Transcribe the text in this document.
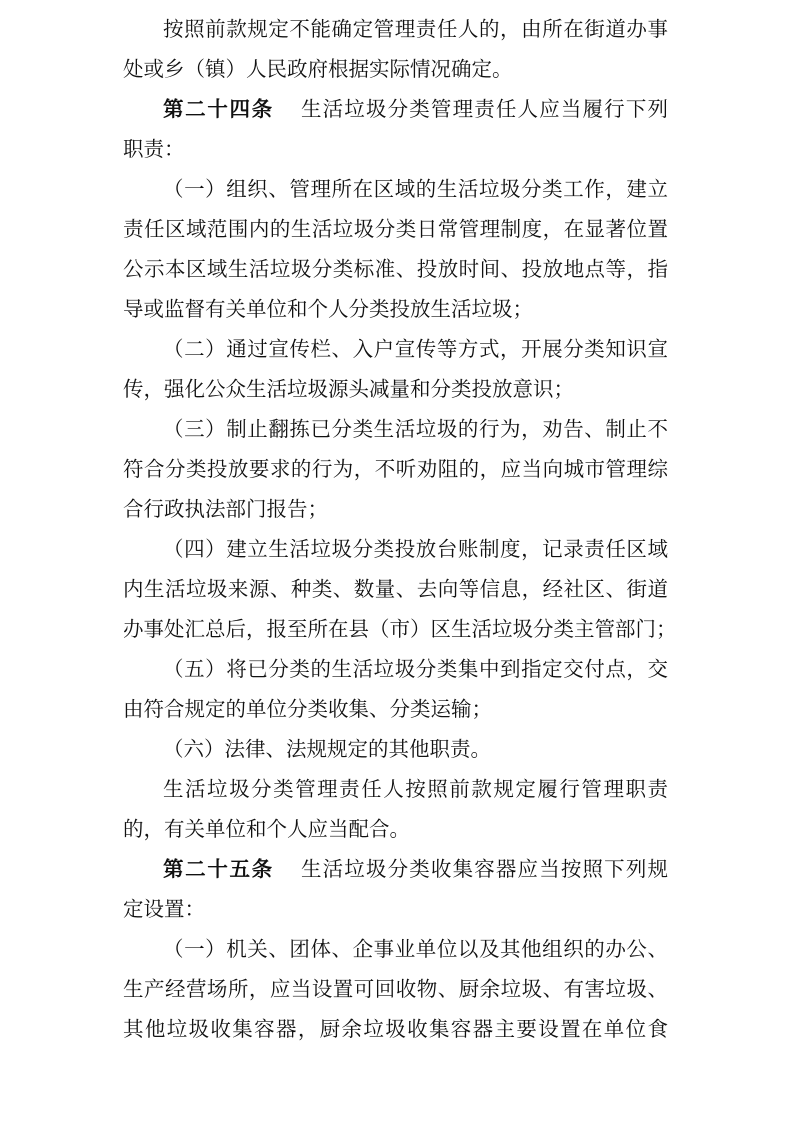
按照前款规定不能确定管理责任人的，由所在街道办事
处或乡（镇）人民政府根据实际情况确定。
第二十四条 生活垃圾分类管理责任人应当履行下列
职责：
（一）组织、管理所在区域的生活垃圾分类工作，建立
责任区域范围内的生活垃圾分类日常管理制度，在显著位置
公示本区域生活垃圾分类标准、投放时间、投放地点等，指
导或监督有关单位和个人分类投放生活垃圾；
（二）通过宣传栏、入户宣传等方式，开展分类知识宣
传，强化公众生活垃圾源头减量和分类投放意识；
（三）制止翻拣已分类生活垃圾的行为，劝告、制止不
符合分类投放要求的行为，不听劝阻的，应当向城市管理综
合行政执法部门报告；
（四）建立生活垃圾分类投放台账制度，记录责任区域
内生活垃圾来源、种类、数量、去向等信息，经社区、街道
办事处汇总后，报至所在县（市）区生活垃圾分类主管部门；
（五）将已分类的生活垃圾分类集中到指定交付点，交
由符合规定的单位分类收集、分类运输；
（六）法律、法规规定的其他职责。
生活垃圾分类管理责任人按照前款规定履行管理职责
的，有关单位和个人应当配合。
第二十五条 生活垃圾分类收集容器应当按照下列规
定设置：
（一）机关、团体、企事业单位以及其他组织的办公、
生产经营场所，应当设置可回收物、厨余垃圾、有害垃圾、
其他垃圾收集容器，厨余垃圾收集容器主要设置在单位食
